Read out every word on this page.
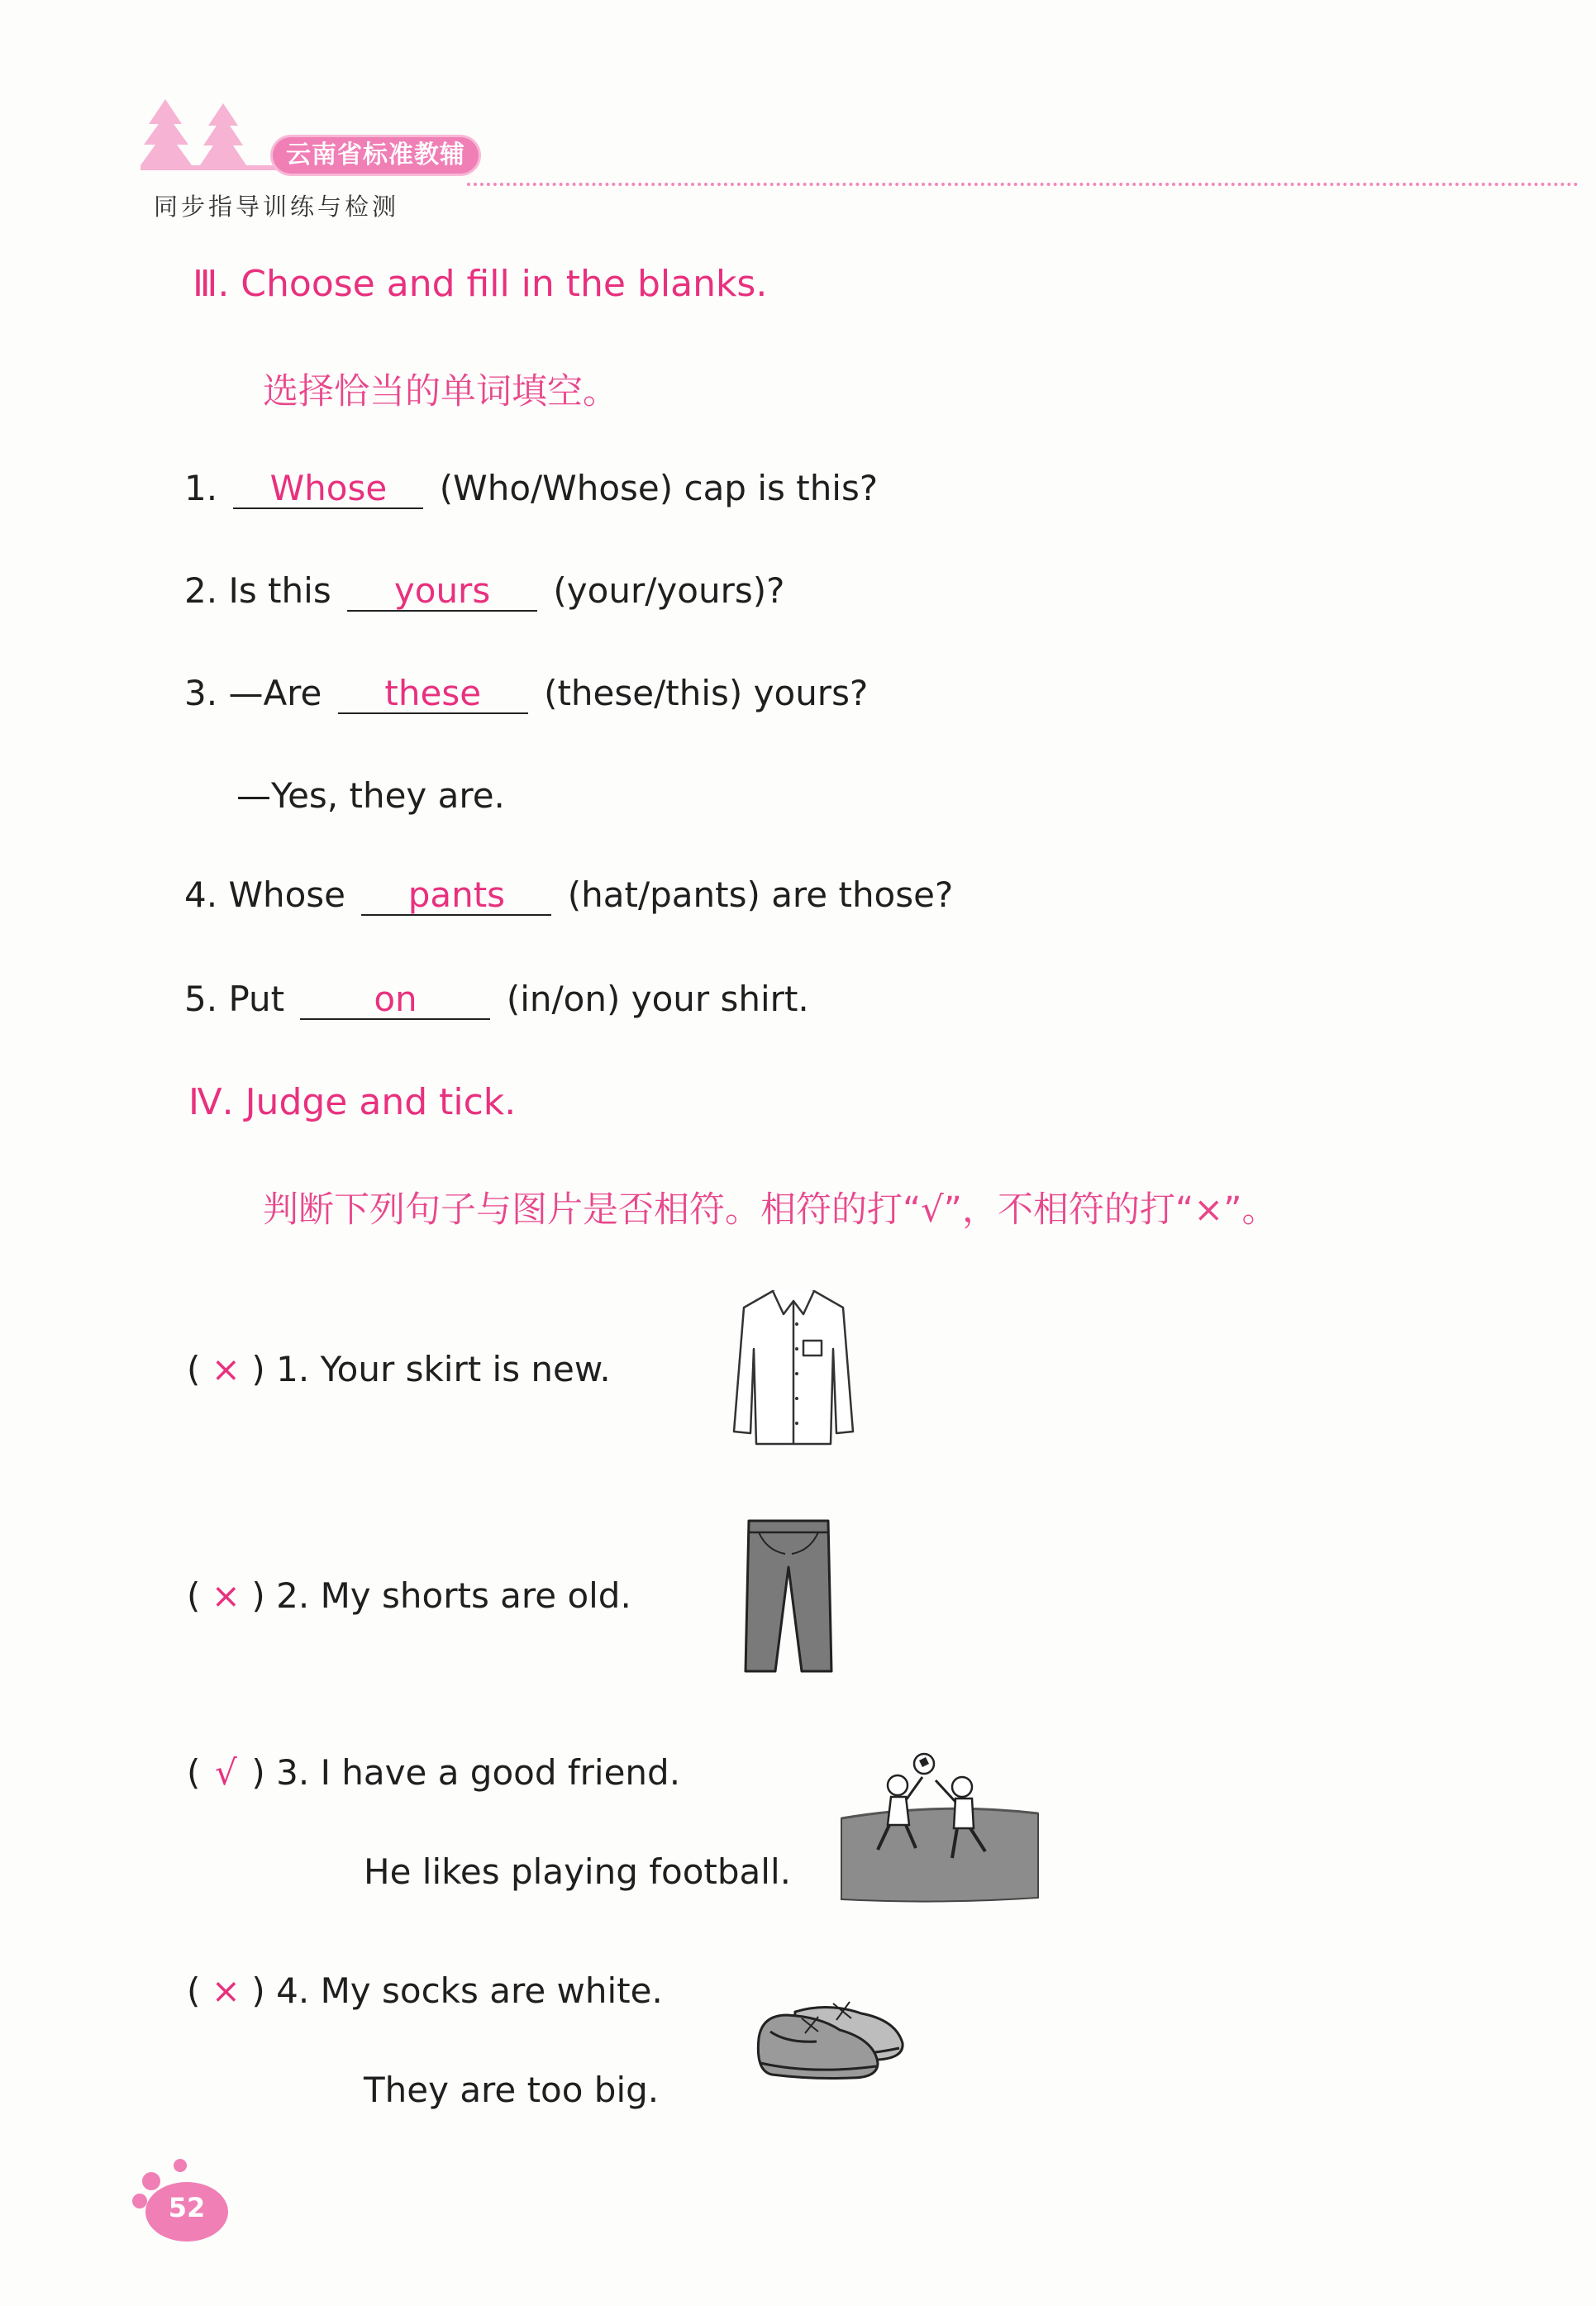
云南省标准教辅
同步指导训练与检测
Ⅲ. Choose and fill in the blanks.
选择恰当的单词填空。
1. Whose (Who/Whose) cap is this?
2. Is this yours (your/yours)?
3. —Are these (these/this) yours?
—Yes, they are.
4. Whose pants (hat/pants) are those?
5. Put	on	(in/on) your shirt.
Ⅳ. Judge and tick.
判断下列句子与图片是否相符。相符的打“√”，不相符的打“×”。
( × ) 1. Your skirt is new.
( × ) 2. My shorts are old.
( √ ) 3. I have a good friend.
He likes playing football.
( × ) 4. My socks are white.
They are too big.
52
